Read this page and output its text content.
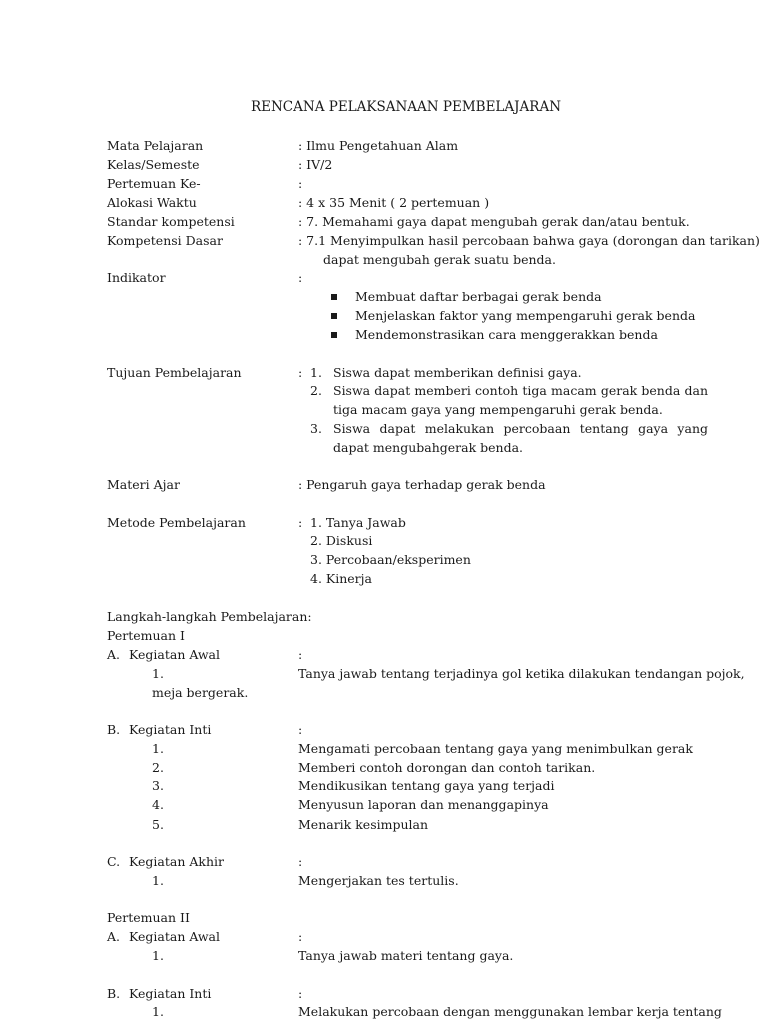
RENCANA PELAKSANAAN PEMBELAJARAN
Mata Pelajaran	: Ilmu Pengetahuan Alam
Kelas/Semeste	: IV/2
Pertemuan Ke-	:
Alokasi Waktu	: 4 x 35 Menit ( 2 pertemuan )
Standar kompetensi	: 7. Memahami gaya dapat mengubah gerak dan/atau bentuk.
Kompetensi Dasar	: 7.1 Menyimpulkan hasil percobaan bahwa gaya (dorongan dan tarikan)
dapat mengubah gerak suatu benda.
Indikator	:
Membuat daftar berbagai gerak benda
Menjelaskan faktor yang mempengaruhi gerak benda
Mendemonstrasikan cara menggerakkan benda
Tujuan Pembelajaran	: 1. Siswa dapat memberikan definisi gaya.
2. Siswa dapat memberi contoh tiga macam gerak benda dan tiga macam gaya yang mempengaruhi gerak benda.
3. Siswa dapat melakukan percobaan tentang gaya yang dapat mengubahgerak benda.
Materi Ajar	: Pengaruh gaya terhadap gerak benda
Metode Pembelajaran	: 1. Tanya Jawab
2. Diskusi
3. Percobaan/eksperimen
4. Kinerja
Langkah-langkah Pembelajaran:
Pertemuan I
A. Kegiatan Awal	:
1.	Tanya jawab tentang terjadinya gol ketika dilakukan tendangan pojok,
meja bergerak.
B. Kegiatan Inti	:
1.	Mengamati percobaan tentang gaya yang menimbulkan gerak
2.	Memberi contoh dorongan dan contoh tarikan.
3.	Mendikusikan tentang gaya yang terjadi
4.	Menyusun laporan dan menanggapinya
5.	Menarik kesimpulan
C. Kegiatan Akhir	:
1.	Mengerjakan tes tertulis.
Pertemuan II
A. Kegiatan Awal	:
1.	Tanya jawab materi tentang gaya.
B. Kegiatan Inti	:
1.	Melakukan percobaan dengan menggunakan lembar kerja tentang
